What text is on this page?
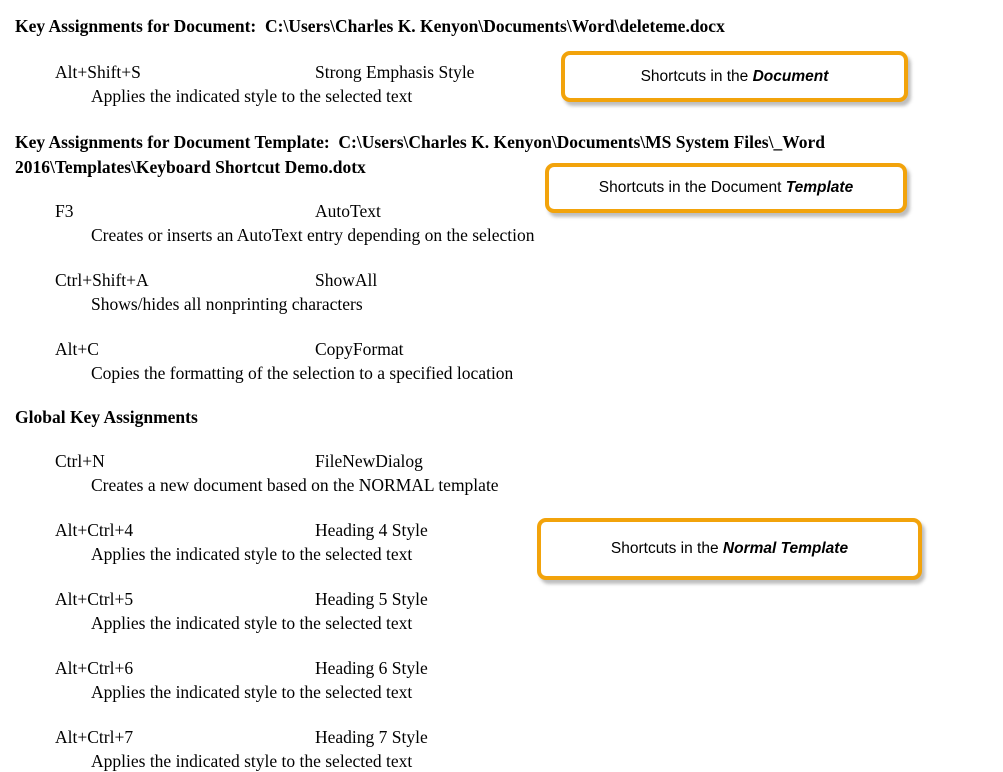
Key Assignments for Document:  C:\Users\Charles K. Kenyon\Documents\Word\deleteme.docx

Alt+Shift+S	Strong Emphasis Style
Applies the indicated style to the selected text

Key Assignments for Document Template:  C:\Users\Charles K. Kenyon\Documents\MS System Files\_Word 2016\Templates\Keyboard Shortcut Demo.dotx

F3	AutoText
Creates or inserts an AutoText entry depending on the selection
Ctrl+Shift+A	ShowAll
Shows/hides all nonprinting characters
Alt+C	CopyFormat
Copies the formatting of the selection to a specified location

Global Key Assignments

Ctrl+N	FileNewDialog
Creates a new document based on the NORMAL template
Alt+Ctrl+4	Heading 4 Style
Applies the indicated style to the selected text
Alt+Ctrl+5	Heading 5 Style
Applies the indicated style to the selected text
Alt+Ctrl+6	Heading 6 Style
Applies the indicated style to the selected text
Alt+Ctrl+7	Heading 7 Style
Applies the indicated style to the selected text
Shortcuts in the Document
Shortcuts in the Document Template
Shortcuts in the Normal Template
